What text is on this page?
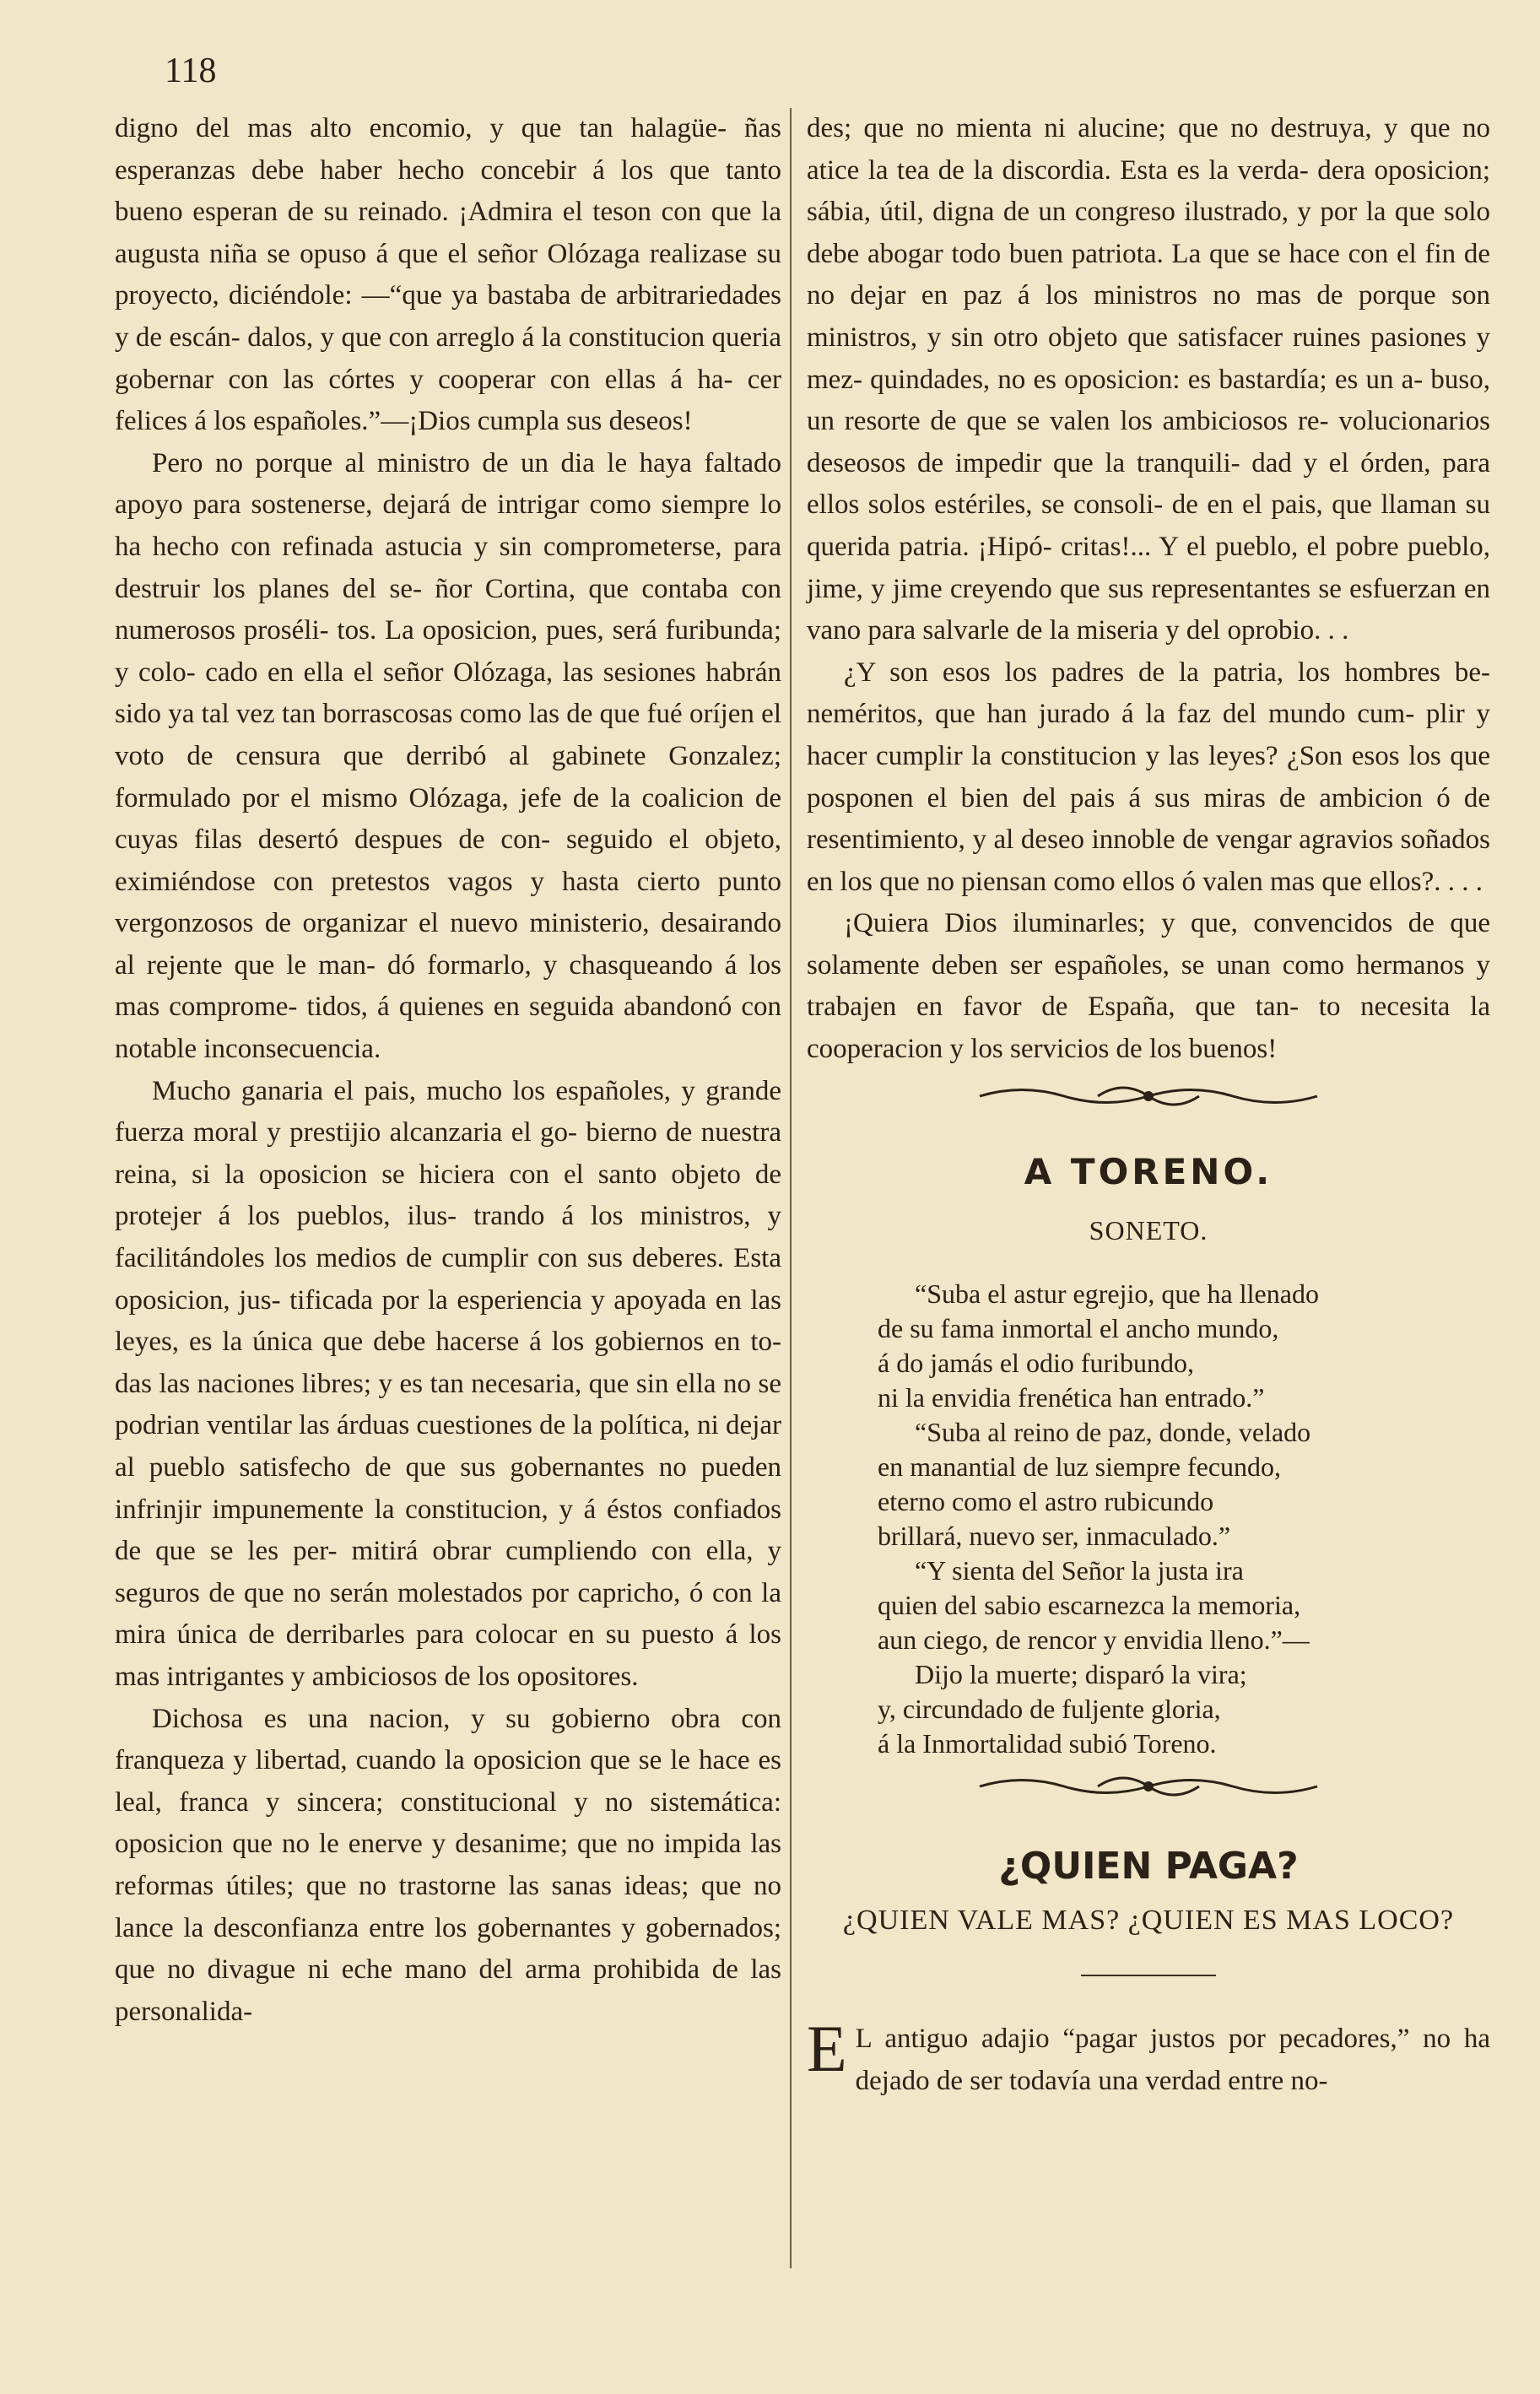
118

digno del mas alto encomio, y que tan halagüe- ñas esperanzas debe haber hecho concebir á los que tanto bueno esperan de su reinado. ¡Admira el teson con que la augusta niña se opuso á que el señor Olózaga realizase su proyecto, diciéndole: —“que ya bastaba de arbitrariedades y de escán- dalos, y que con arreglo á la constitucion queria gobernar con las córtes y cooperar con ellas á ha- cer felices á los españoles.”—¡Dios cumpla sus deseos!

Pero no porque al ministro de un dia le haya faltado apoyo para sostenerse, dejará de intrigar como siempre lo ha hecho con refinada astucia y sin comprometerse, para destruir los planes del se- ñor Cortina, que contaba con numerosos proséli- tos. La oposicion, pues, será furibunda; y colo- cado en ella el señor Olózaga, las sesiones habrán sido ya tal vez tan borrascosas como las de que fué oríjen el voto de censura que derribó al gabinete Gonzalez; formulado por el mismo Olózaga, jefe de la coalicion de cuyas filas desertó despues de con- seguido el objeto, eximiéndose con pretestos vagos y hasta cierto punto vergonzosos de organizar el nuevo ministerio, desairando al rejente que le man- dó formarlo, y chasqueando á los mas comprome- tidos, á quienes en seguida abandonó con notable inconsecuencia.

Mucho ganaria el pais, mucho los españoles, y grande fuerza moral y prestijio alcanzaria el go- bierno de nuestra reina, si la oposicion se hiciera con el santo objeto de protejer á los pueblos, ilus- trando á los ministros, y facilitándoles los medios de cumplir con sus deberes. Esta oposicion, jus- tificada por la esperiencia y apoyada en las leyes, es la única que debe hacerse á los gobiernos en to- das las naciones libres; y es tan necesaria, que sin ella no se podrian ventilar las árduas cuestiones de la política, ni dejar al pueblo satisfecho de que sus gobernantes no pueden infrinjir impunemente la constitucion, y á éstos confiados de que se les per- mitirá obrar cumpliendo con ella, y seguros de que no serán molestados por capricho, ó con la mira única de derribarles para colocar en su puesto á los mas intrigantes y ambiciosos de los opositores.

Dichosa es una nacion, y su gobierno obra con franqueza y libertad, cuando la oposicion que se le hace es leal, franca y sincera; constitucional y no sistemática: oposicion que no le enerve y desanime; que no impida las reformas útiles; que no trastorne las sanas ideas; que no lance la desconfianza entre los gobernantes y gobernados; que no divague ni eche mano del arma prohibida de las personalida-

des; que no mienta ni alucine; que no destruya, y que no atice la tea de la discordia. Esta es la verda- dera oposicion; sábia, útil, digna de un congreso ilustrado, y por la que solo debe abogar todo buen patriota. La que se hace con el fin de no dejar en paz á los ministros no mas de porque son ministros, y sin otro objeto que satisfacer ruines pasiones y mez- quindades, no es oposicion: es bastardía; es un a- buso, un resorte de que se valen los ambiciosos re- volucionarios deseosos de impedir que la tranquili- dad y el órden, para ellos solos estériles, se consoli- de en el pais, que llaman su querida patria. ¡Hipó- critas!... Y el pueblo, el pobre pueblo, jime, y jime creyendo que sus representantes se esfuerzan en vano para salvarle de la miseria y del oprobio. . .

¿Y son esos los padres de la patria, los hombres be- neméritos, que han jurado á la faz del mundo cum- plir y hacer cumplir la constitucion y las leyes? ¿Son esos los que posponen el bien del pais á sus miras de ambicion ó de resentimiento, y al deseo innoble de vengar agravios soñados en los que no piensan como ellos ó valen mas que ellos?. . . .

¡Quiera Dios iluminarles; y que, convencidos de que solamente deben ser españoles, se unan como hermanos y trabajen en favor de España, que tan- to necesita la cooperacion y los servicios de los buenos!

A TORENO.
SONETO.
“Suba el astur egrejio, que ha llenado
de su fama inmortal el ancho mundo,
á do jamás el odio furibundo,
ni la envidia frenética han entrado.”
“Suba al reino de paz, donde, velado
en manantial de luz siempre fecundo,
eterno como el astro rubicundo
brillará, nuevo ser, inmaculado.”
“Y sienta del Señor la justa ira
quien del sabio escarnezca la memoria,
aun ciego, de rencor y envidia lleno.”—
Dijo la muerte; disparó la vira;
y, circundado de fuljente gloria,
á la Inmortalidad subió Toreno.
¿QUIEN PAGA?
¿QUIEN VALE MAS? ¿QUIEN ES MAS LOCO?

E L antiguo adajio “pagar justos por pecadores,” no ha dejado de ser todavía una verdad entre no-
